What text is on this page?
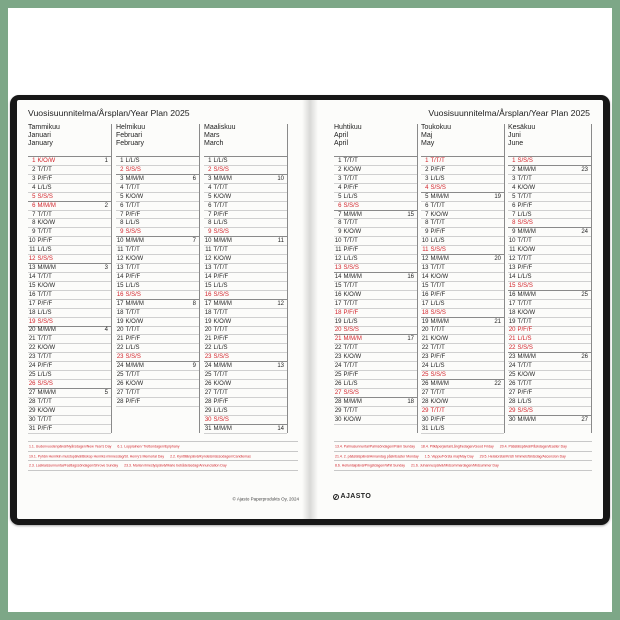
Vuosisuunnitelma/Årsplan/Year Plan 2025
Tammikuu
Januari
January
1 K/O/W	1
2 T/T/T
3 P/F/F
4 L/L/S
5 S/S/S
6 M/M/M	2
7 T/T/T
8 K/O/W
9 T/T/T
10 P/F/F
11 L/L/S
12 S/S/S
13 M/M/M	3
14 T/T/T
15 K/O/W
16 T/T/T
17 P/F/F
18 L/L/S
19 S/S/S
20 M/M/M	4
21 T/T/T
22 K/O/W
23 T/T/T
24 P/F/F
25 L/L/S
26 S/S/S
27 M/M/M	5
28 T/T/T
29 K/O/W
30 T/T/T
31 P/F/F
Helmikuu
Februari
February
1 L/L/S
2 S/S/S
3 M/M/M	6
4 T/T/T
5 K/O/W
6 T/T/T
7 P/F/F
8 L/L/S
9 S/S/S
10 M/M/M	7
11 T/T/T
12 K/O/W
13 T/T/T
14 P/F/F
15 L/L/S
16 S/S/S
17 M/M/M	8
18 T/T/T
19 K/O/W
20 T/T/T
21 P/F/F
22 L/L/S
23 S/S/S
24 M/M/M	9
25 T/T/T
26 K/O/W
27 T/T/T
28 P/F/F
Maaliskuu
Mars
March
1 L/L/S
2 S/S/S
3 M/M/M	10
4 T/T/T
5 K/O/W
6 T/T/T
7 P/F/F
8 L/L/S
9 S/S/S
10 M/M/M	11
11 T/T/T
12 K/O/W
13 T/T/T
14 P/F/F
15 L/L/S
16 S/S/S
17 M/M/M	12
18 T/T/T
19 K/O/W
20 T/T/T
21 P/F/F
22 L/L/S
23 S/S/S
24 M/M/M	13
25 T/T/T
26 K/O/W
27 T/T/T
28 P/F/F
29 L/L/S
30 S/S/S
31 M/M/M	14
1.1. Uudenvuodenpäivä/Nyårsdagen/New Year's Day 6.1. Loppiainen/ Trettondagen/Epiphany
19.1. Pyhän Henrikin muistopäivä/Biskop Henriks minnesdag/St. Henry's Memorial Day 2.2. Kynttilänpäivä/Kyndelsmässodagen/Candlemas
2.3. Laskiaissunnuntai/Fastlagssöndagen/Shrove Sunday 23.3. Marian ilmestyspäivä/Marie bebådelsedag/Annunciation Day
© Ajasto Paperprodukts Oy, 2024
Vuosisuunnitelma/Årsplan/Year Plan 2025
Huhtikuu
April
April
1 T/T/T
2 K/O/W
3 T/T/T
4 P/F/F
5 L/L/S
6 S/S/S
7 M/M/M	15
8 T/T/T
9 K/O/W
10 T/T/T
11 P/F/F
12 L/L/S
13 S/S/S
14 M/M/M	16
15 T/T/T
16 K/O/W
17 T/T/T
18 P/F/F
19 L/L/S
20 S/S/S
21 M/M/M	17
22 T/T/T
23 K/O/W
24 T/T/T
25 P/F/F
26 L/L/S
27 S/S/S
28 M/M/M	18
29 T/T/T
30 K/O/W
Toukokuu
Maj
May
1 T/T/T
2 P/F/F
3 L/L/S
4 S/S/S
5 M/M/M	19
6 T/T/T
7 K/O/W
8 T/T/T
9 P/F/F
10 L/L/S
11 S/S/S
12 M/M/M	20
13 T/T/T
14 K/O/W
15 T/T/T
16 P/F/F
17 L/L/S
18 S/S/S
19 M/M/M	21
20 T/T/T
21 K/O/W
22 T/T/T
23 P/F/F
24 L/L/S
25 S/S/S
26 M/M/M	22
27 T/T/T
28 K/O/W
29 T/T/T
30 P/F/F
31 L/L/S
Kesäkuu
Juni
June
1 S/S/S
2 M/M/M	23
3 T/T/T
4 K/O/W
5 T/T/T
6 P/F/F
7 L/L/S
8 S/S/S
9 M/M/M	24
10 T/T/T
11 K/O/W
12 T/T/T
13 P/F/F
14 L/L/S
15 S/S/S
16 M/M/M	25
17 T/T/T
18 K/O/W
19 T/T/T
20 P/F/F
21 L/L/S
22 S/S/S
23 M/M/M	26
24 T/T/T
25 K/O/W
26 T/T/T
27 P/F/F
28 L/L/S
29 S/S/S
30 M/M/M	27
13.4. Palmusunnuntai/Palmsöndagen/Palm Sunday 18.4. Pitkäperjantai/Långfredagen/Good Friday 20.4. Pääsiäispäivä/Påskdagen/Easter Day
21.4. 2. pääsiäispäivä/Annandag påsk/Easter Monday 1.5. Vappu/Första maj/May Day 29.5. Helatorstai/Kristi himmelsfärdsdag/Ascension Day
8.6. Helluntaipäivä/Pingstdagen/Whit Sunday 21.6. Juhannuspäivä/Midsommardagen/Midsummer Day
AJASTO
